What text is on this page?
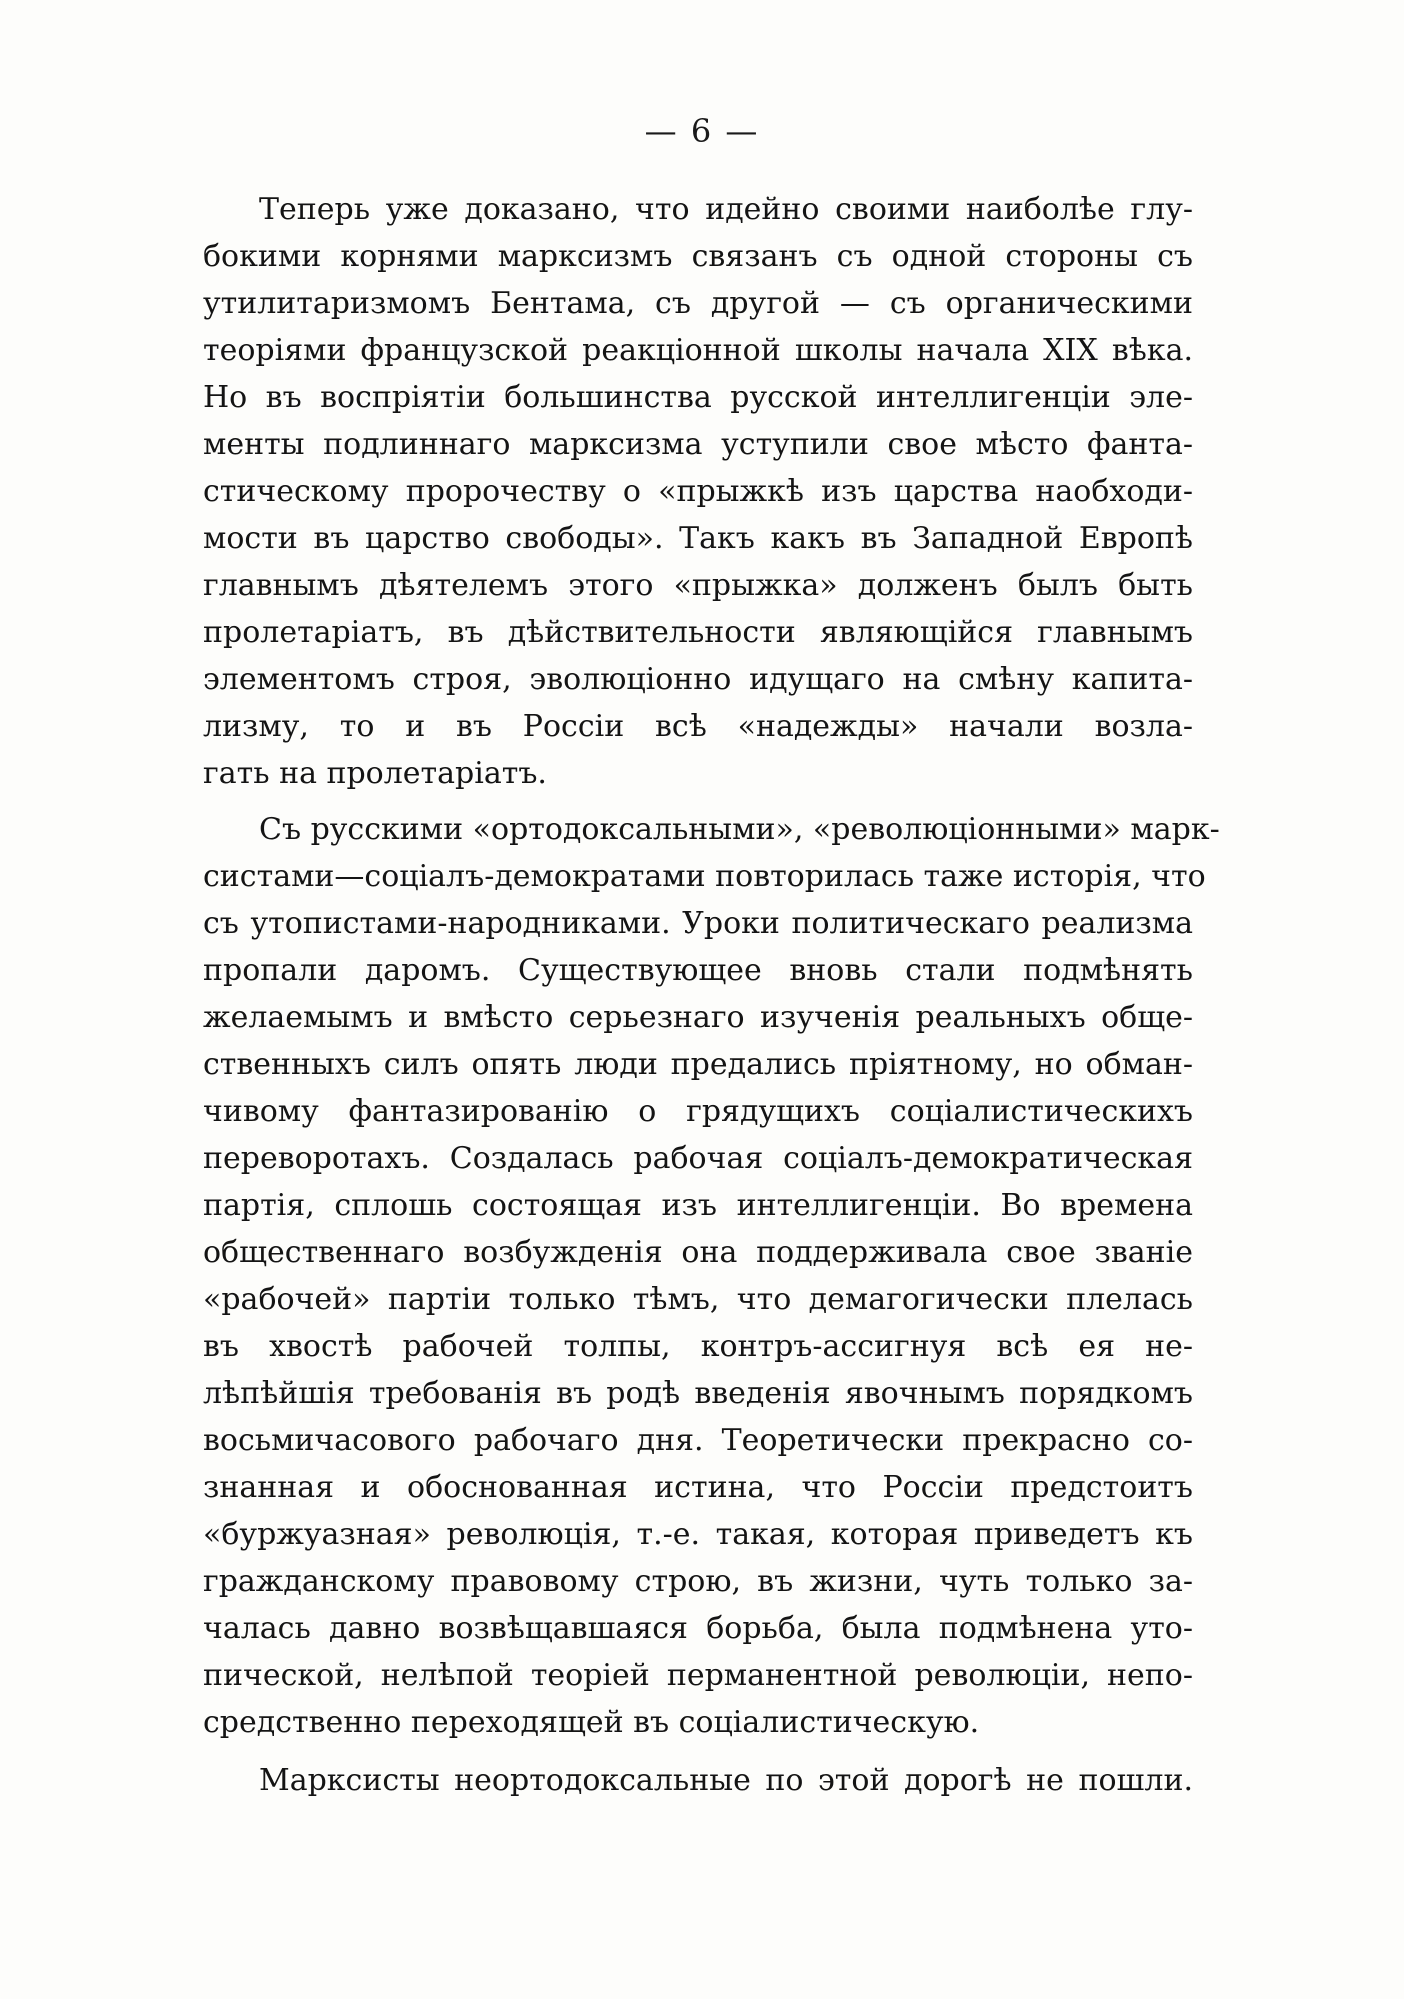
— 6 —
Теперь уже доказано, что идейно своими наиболѣе глу-
бокими корнями марксизмъ связанъ съ одной стороны съ
утилитаризмомъ Бентама, съ другой — съ органическими
теоріями французской реакціонной школы начала XIX вѣка.
Но въ воспріятіи большинства русской интеллигенціи эле-
менты подлиннаго марксизма уступили свое мѣсто фанта-
стическому пророчеству о «прыжкѣ изъ царства наобходи-
мости въ царство свободы». Такъ какъ въ Западной Европѣ
главнымъ дѣятелемъ этого «прыжка» долженъ былъ быть
пролетаріатъ, въ дѣйствительности являющійся главнымъ
элементомъ строя, эволюціонно идущаго на смѣну капита-
лизму, то и въ Россіи всѣ «надежды» начали возла-
гать на пролетаріатъ.
Съ русскими «ортодоксальными», «революціонными» марк-
систами—соціалъ-демократами повторилась таже исторія, что
съ утопистами-народниками. Уроки политическаго реализма
пропали даромъ. Существующее вновь стали подмѣнять
желаемымъ и вмѣсто серьезнаго изученія реальныхъ обще-
ственныхъ силъ опять люди предались пріятному, но обман-
чивому фантазированію о грядущихъ соціалистическихъ
переворотахъ. Создалась рабочая соціалъ-демократическая
партія, сплошь состоящая изъ интеллигенціи. Во времена
общественнаго возбужденія она поддерживала свое званіе
«рабочей» партіи только тѣмъ, что демагогически плелась
въ хвостѣ рабочей толпы, контръ-ассигнуя всѣ ея не-
лѣпѣйшія требованія въ родѣ введенія явочнымъ порядкомъ
восьмичасового рабочаго дня. Теоретически прекрасно со-
знанная и обоснованная истина, что Россіи предстоитъ
«буржуазная» революція, т.-е. такая, которая приведетъ къ
гражданскому правовому строю, въ жизни, чуть только за-
чалась давно возвѣщавшаяся борьба, была подмѣнена уто-
пической, нелѣпой теоріей перманентной революціи, непо-
средственно переходящей въ соціалистическую.
Марксисты неортодоксальные по этой дорогѣ не пошли.
